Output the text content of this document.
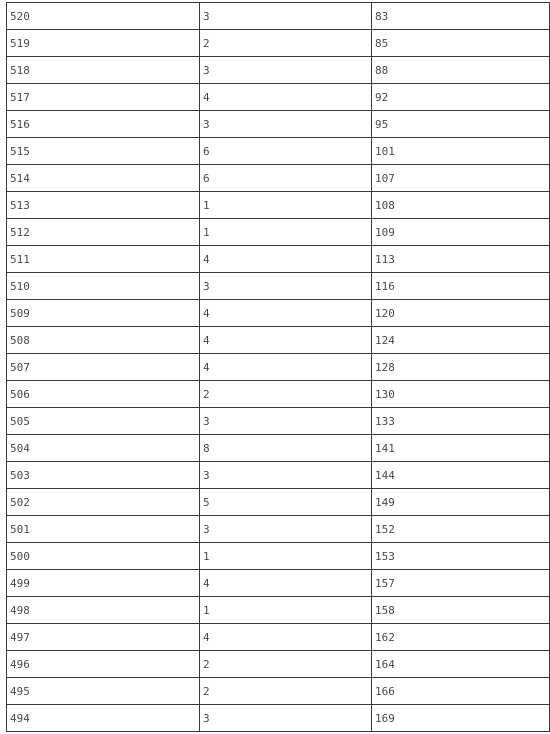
520	3	83
519	2	85
518	3	88
517	4	92
516	3	95
515	6	101
514	6	107
513	1	108
512	1	109
511	4	113
510	3	116
509	4	120
508	4	124
507	4	128
506	2	130
505	3	133
504	8	141
503	3	144
502	5	149
501	3	152
500	1	153
499	4	157
498	1	158
497	4	162
496	2	164
495	2	166
494	3	169
